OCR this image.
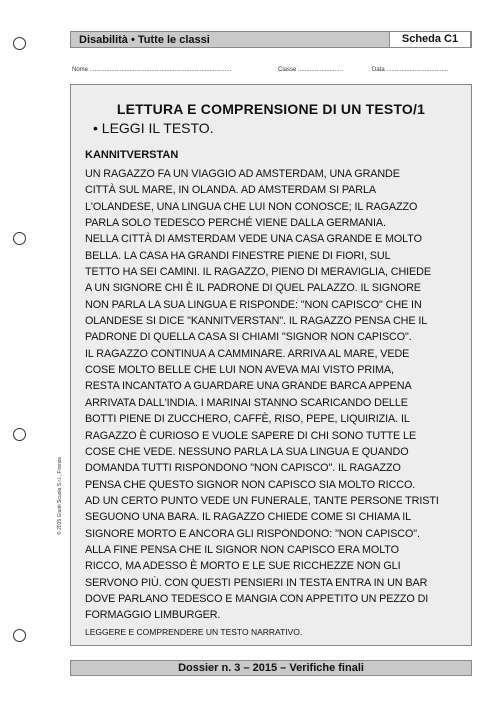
Disabilità • Tutte le classi	Scheda C1
Nome .....................................................................................	Classe ...........................	Data .....................................
© 2015 Giunti Scuola S.r.l., Firenze
LETTURA E COMPRENSIONE DI UN TESTO/1
• LEGGI IL TESTO.
KANNITVERSTAN
UN RAGAZZO FA UN VIAGGIO AD AMSTERDAM, UNA GRANDE
CITTÀ SUL MARE, IN OLANDA. AD AMSTERDAM SI PARLA
L'OLANDESE, UNA LINGUA CHE LUI NON CONOSCE; IL RAGAZZO
PARLA SOLO TEDESCO PERCHÉ VIENE DALLA GERMANIA.
NELLA CITTÀ DI AMSTERDAM VEDE UNA CASA GRANDE E MOLTO
BELLA. LA CASA HA GRANDI FINESTRE PIENE DI FIORI, SUL
TETTO HA SEI CAMINI. IL RAGAZZO, PIENO DI MERAVIGLIA, CHIEDE
A UN SIGNORE CHI È IL PADRONE DI QUEL PALAZZO. IL SIGNORE
NON PARLA LA SUA LINGUA E RISPONDE: "NON CAPISCO" CHE IN
OLANDESE SI DICE "KANNITVERSTAN". IL RAGAZZO PENSA CHE IL
PADRONE DI QUELLA CASA SI CHIAMI "SIGNOR NON CAPISCO".
IL RAGAZZO CONTINUA A CAMMINARE. ARRIVA AL MARE, VEDE
COSE MOLTO BELLE CHE LUI NON AVEVA MAI VISTO PRIMA,
RESTA INCANTATO A GUARDARE UNA GRANDE BARCA APPENA
ARRIVATA DALL'INDIA. I MARINAI STANNO SCARICANDO DELLE
BOTTI PIENE DI ZUCCHERO, CAFFÈ, RISO, PEPE, LIQUIRIZIA. IL
RAGAZZO È CURIOSO E VUOLE SAPERE DI CHI SONO TUTTE LE
COSE CHE VEDE. NESSUNO PARLA LA SUA LINGUA E QUANDO
DOMANDA TUTTI RISPONDONO "NON CAPISCO". IL RAGAZZO
PENSA CHE QUESTO SIGNOR NON CAPISCO SIA MOLTO RICCO.
AD UN CERTO PUNTO VEDE UN FUNERALE, TANTE PERSONE TRISTI
SEGUONO UNA BARA. IL RAGAZZO CHIEDE COME SI CHIAMA IL
SIGNORE MORTO E ANCORA GLI RISPONDONO: "NON CAPISCO".
ALLA FINE PENSA CHE IL SIGNOR NON CAPISCO ERA MOLTO
RICCO, MA ADESSO È MORTO E LE SUE RICCHEZZE NON GLI
SERVONO PIÙ. CON QUESTI PENSIERI IN TESTA ENTRA IN UN BAR
DOVE PARLANO TEDESCO E MANGIA CON APPETITO UN PEZZO DI
FORMAGGIO LIMBURGER.
LEGGERE E COMPRENDERE UN TESTO NARRATIVO.
Dossier n. 3 – 2015 – Verifiche finali
